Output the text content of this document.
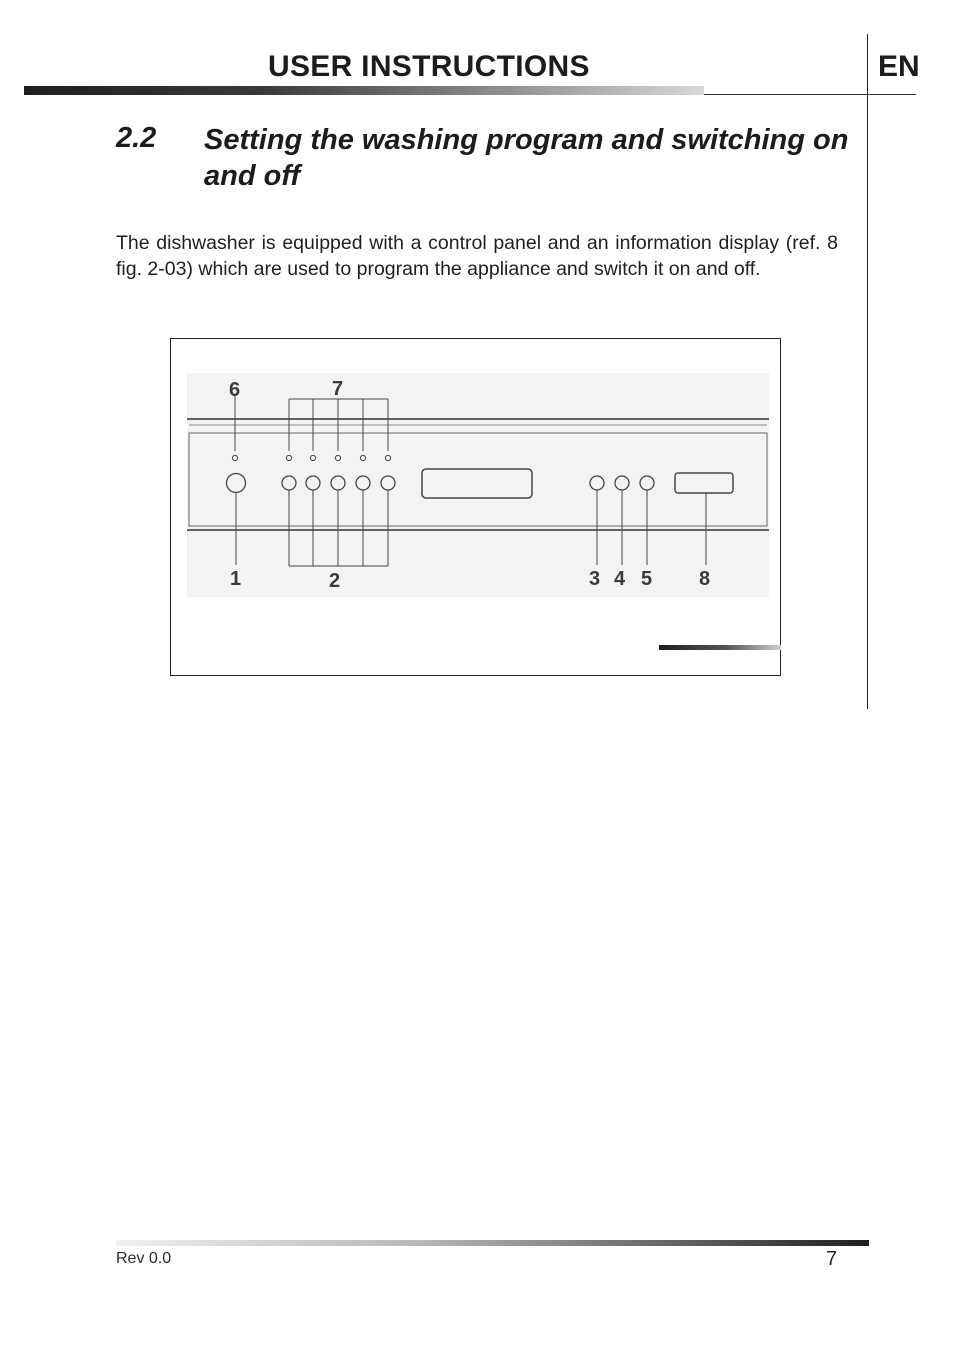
USER INSTRUCTIONS	EN
2.2 Setting the washing program and switching on and off
The dishwasher is equipped with a control panel and an information display (ref. 8 fig. 2-03) which are used to program the appliance and switch it on and off.
6	7
1	2	3 4 5 8
Rev 0.0	7
